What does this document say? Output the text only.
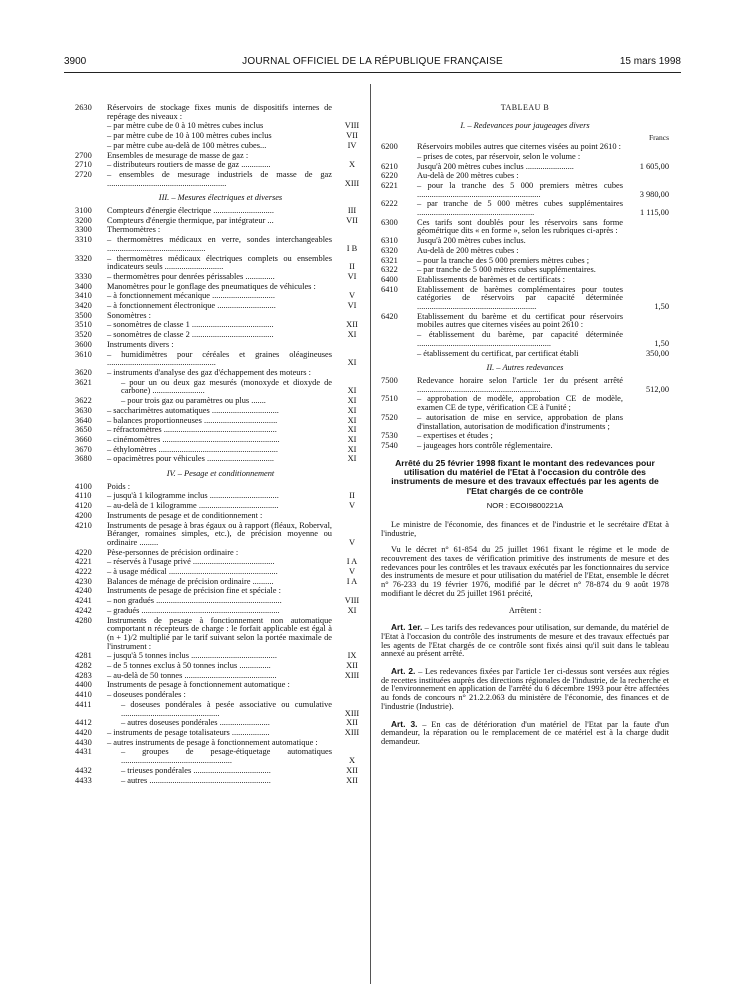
3900	JOURNAL OFFICIEL DE LA RÉPUBLIQUE FRANÇAISE	15 mars 1998
2630 Réservoirs de stockage fixes munis de dispositifs internes de repérage des niveaux :
– par mètre cube de 0 à 10 mètres cubes inclus	VIII
– par mètre cube de 10 à 100 mètres cubes inclus	VII
– par mètre cube au-delà de 100 mètres cubes...	IV
2700 Ensembles de mesurage de masse de gaz :
2710 – distributeurs routiers de masse de gaz ..............	X
2720 – ensembles de mesurage industriels de masse de gaz .........................................................	XIII
III. – Mesures électriques et diverses
3100 Compteurs d'énergie électrique .............................	III
3200 Compteurs d'énergie thermique, par intégrateur ...	VII
3300 Thermomètres :
3310 – thermomètres médicaux en verre, sondes interchangeables ...............................................	I B
3320 – thermomètres médicaux électriques complets ou ensembles indicateurs seuls ............................	II
3330 – thermomètres pour denrées périssables ..............	VI
3400 Manomètres pour le gonflage des pneumatiques de véhicules :
3410 – à fonctionnement mécanique ..............................	V
3420 – à fonctionnement électronique ............................	VI
3500 Sonomètres :
3510 – sonomètres de classe 1 .......................................	XII
3520 – sonomètres de classe 2 .......................................	XI
3600 Instruments divers :
3610 – humidimètres pour céréales et graines oléagineuses ....................................................	XI
3620 – instruments d'analyse des gaz d'échappement des moteurs :
3621	– pour un ou deux gaz mesurés (monoxyde et dioxyde de carbone) .........................	XI
3622	– pour trois gaz ou paramètres ou plus .......	XI
3630 – saccharimètres automatiques ................................	XI
3640 – balances proportionneuses ...................................	XI
3650 – réfractomètres ......................................................	XI
3660 – cinémomètres ........................................................	XI
3670 – éthylomètres .........................................................	XI
3680 – opacimètres pour véhicules ................................	XI
IV. – Pesage et conditionnement
4100 Poids :
4110 – jusqu'à 1 kilogramme inclus .................................	II
4120 – au-delà de 1 kilogramme ......................................	V
4200 Instruments de pesage et de conditionnement :
4210 Instruments de pesage à bras égaux ou à rapport (fléaux, Roberval, Béranger, romaines simples, etc.), de précision moyenne ou ordinaire .........	V
4220 Pèse-personnes de précision ordinaire :
4221 – réservés à l'usage privé .......................................	I A
4222 – à usage médical ....................................................	V
4230 Balances de ménage de précision ordinaire ..........	I A
4240 Instruments de pesage de précision fine et spéciale :
4241 – non gradués ............................................................	VIII
4242 – gradués ..................................................................	XI
4280 Instruments de pesage à fonctionnement non automatique comportant n récepteurs de charge : le forfait applicable est égal à (n + 1)/2 multiplié par le tarif suivant selon la portée maximale de l'instrument :
4281 – jusqu'à 5 tonnes inclus .........................................	IX
4282 – de 5 tonnes exclus à 50 tonnes inclus ...............	XII
4283 – au-delà de 50 tonnes ............................................	XIII
4400 Instruments de pesage à fonctionnement automatique :
4410 – doseuses pondérales :
4411	– doseuses pondérales à pesée associative ou cumulative ...............................................	XIII
4412	– autres doseuses pondérales ........................	XII
4420 – instruments de pesage totalisateurs ..................	XIII
4430 – autres instruments de pesage à fonctionnement automatique :
4431	– groupes de pesage-étiquetage automatiques .....................................................	X
4432	– trieuses pondérales .....................................	XII
4433	– autres ..........................................................	XII
TABLEAU B
I. – Redevances pour jaugeages divers
Francs
6200 Réservoirs mobiles autres que citernes visées au point 2610 :
– prises de cotes, par réservoir, selon le volume :
6210 Jusqu'à 200 mètres cubes inclus .......................	1 605,00
6220 Au-delà de 200 mètres cubes :
6221 – pour la tranche des 5 000 premiers mètres cubes ...........................................................	3 980,00
6222 – par tranche de 5 000 mètres cubes supplémentaires ........................................................	1 115,00
6300 Ces tarifs sont doublés pour les réservoirs sans forme géométrique dits « en forme », selon les rubriques ci-après :
6310 Jusqu'à 200 mètres cubes inclus.
6320 Au-delà de 200 mètres cubes :
6321 – pour la tranche des 5 000 premiers mètres cubes ;
6322 – par tranche de 5 000 mètres cubes supplémentaires.
6400 Etablissements de barèmes et de certificats :
6410 Etablissement de barèmes complémentaires pour toutes catégories de réservoirs par capacité déterminée .........................................................	1,50
6420 Etablissement du barème et du certificat pour réservoirs mobiles autres que citernes visées au point 2610 :
– établissement du barème, par capacité déterminée ................................................................	1,50
– établissement du certificat, par certificat établi	350,00
II. – Autres redevances
7500 Redevance horaire selon l'article 1er du présent arrêté ...........................................................	512,00
7510 – approbation de modèle, approbation CE de modèle, examen CE de type, vérification CE à l'unité ;
7520 – autorisation de mise en service, approbation de plans d'installation, autorisation de modification d'instruments ;
7530 – expertises et études ;
7540 – jaugeages hors contrôle réglementaire.
Arrêté du 25 février 1998 fixant le montant des redevances pour utilisation du matériel de l'Etat à l'occasion du contrôle des instruments de mesure et des travaux effectués par les agents de l'Etat chargés de ce contrôle
NOR : ECOI9800221A

Le ministre de l'économie, des finances et de l'industrie et le secrétaire d'Etat à l'industrie,

Vu le décret n° 61-854 du 25 juillet 1961 fixant le régime et le mode de recouvrement des taxes de vérification primitive des instruments de mesure et des redevances pour les contrôles et les travaux exécutés par les fonctionnaires du service des instruments de mesure et pour utilisation du matériel de l'Etat, ensemble le décret n° 76-233 du 19 février 1976, modifié par le décret n° 78-874 du 9 août 1978 modifiant le décret du 25 juillet 1961 précité,

Arrêtent :

Art. 1er. – Les tarifs des redevances pour utilisation, sur demande, du matériel de l'Etat à l'occasion du contrôle des instruments de mesure et des travaux effectués par les agents de l'Etat chargés de ce contrôle sont fixés ainsi qu'il suit dans le tableau annexé au présent arrêté.

Art. 2. – Les redevances fixées par l'article 1er ci-dessus sont versées aux régies de recettes instituées auprès des directions régionales de l'industrie, de la recherche et de l'environnement en application de l'arrêté du 6 décembre 1993 pour être affectées au fonds de concours n° 21.2.2.063 du ministère de l'économie, des finances et de l'industrie (Industrie).

Art. 3. – En cas de détérioration d'un matériel de l'Etat par la faute d'un demandeur, la réparation ou le remplacement de ce matériel est à la charge dudit demandeur.
